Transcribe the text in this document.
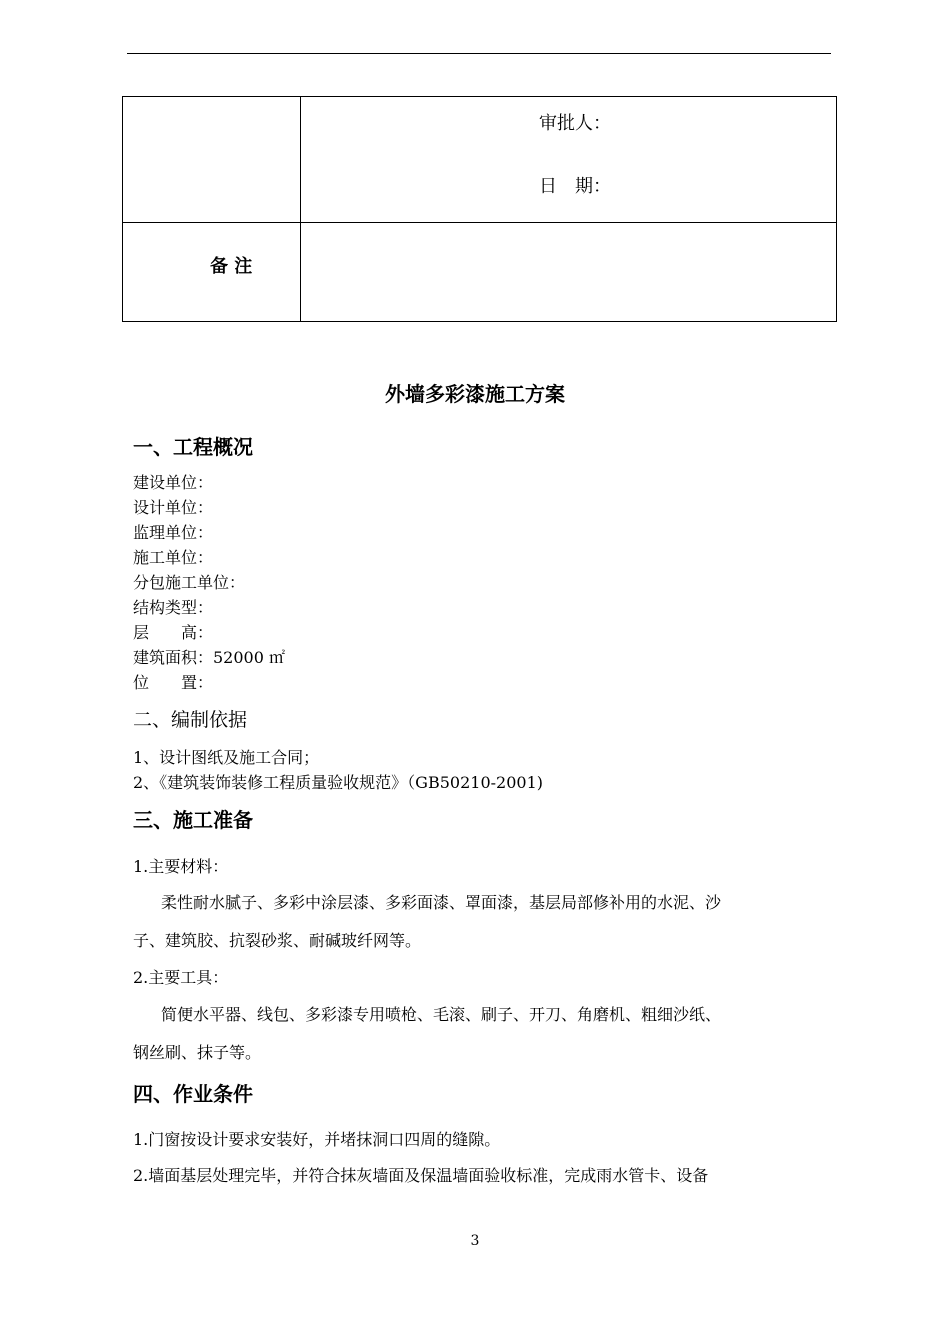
审批人：
日　期：
备 注
外墙多彩漆施工方案
一、工程概况
建设单位：
设计单位：
监理单位：
施工单位：
分包施工单位：
结构类型：
层　　高：
建筑面积：52000 ㎡
位　　置：
二、编制依据
1、设计图纸及施工合同；
2、《建筑装饰装修工程质量验收规范》（GB50210-2001)
三、施工准备
1.主要材料：
柔性耐水腻子、多彩中涂层漆、多彩面漆、罩面漆，基层局部修补用的水泥、沙
子、建筑胶、抗裂砂浆、耐碱玻纤网等。
2.主要工具：
简便水平器、线包、多彩漆专用喷枪、毛滚、刷子、开刀、角磨机、粗细沙纸、
钢丝刷、抹子等。
四、作业条件
1.门窗按设计要求安装好，并堵抹洞口四周的缝隙。
2.墙面基层处理完毕，并符合抹灰墙面及保温墙面验收标准，完成雨水管卡、设备
3
